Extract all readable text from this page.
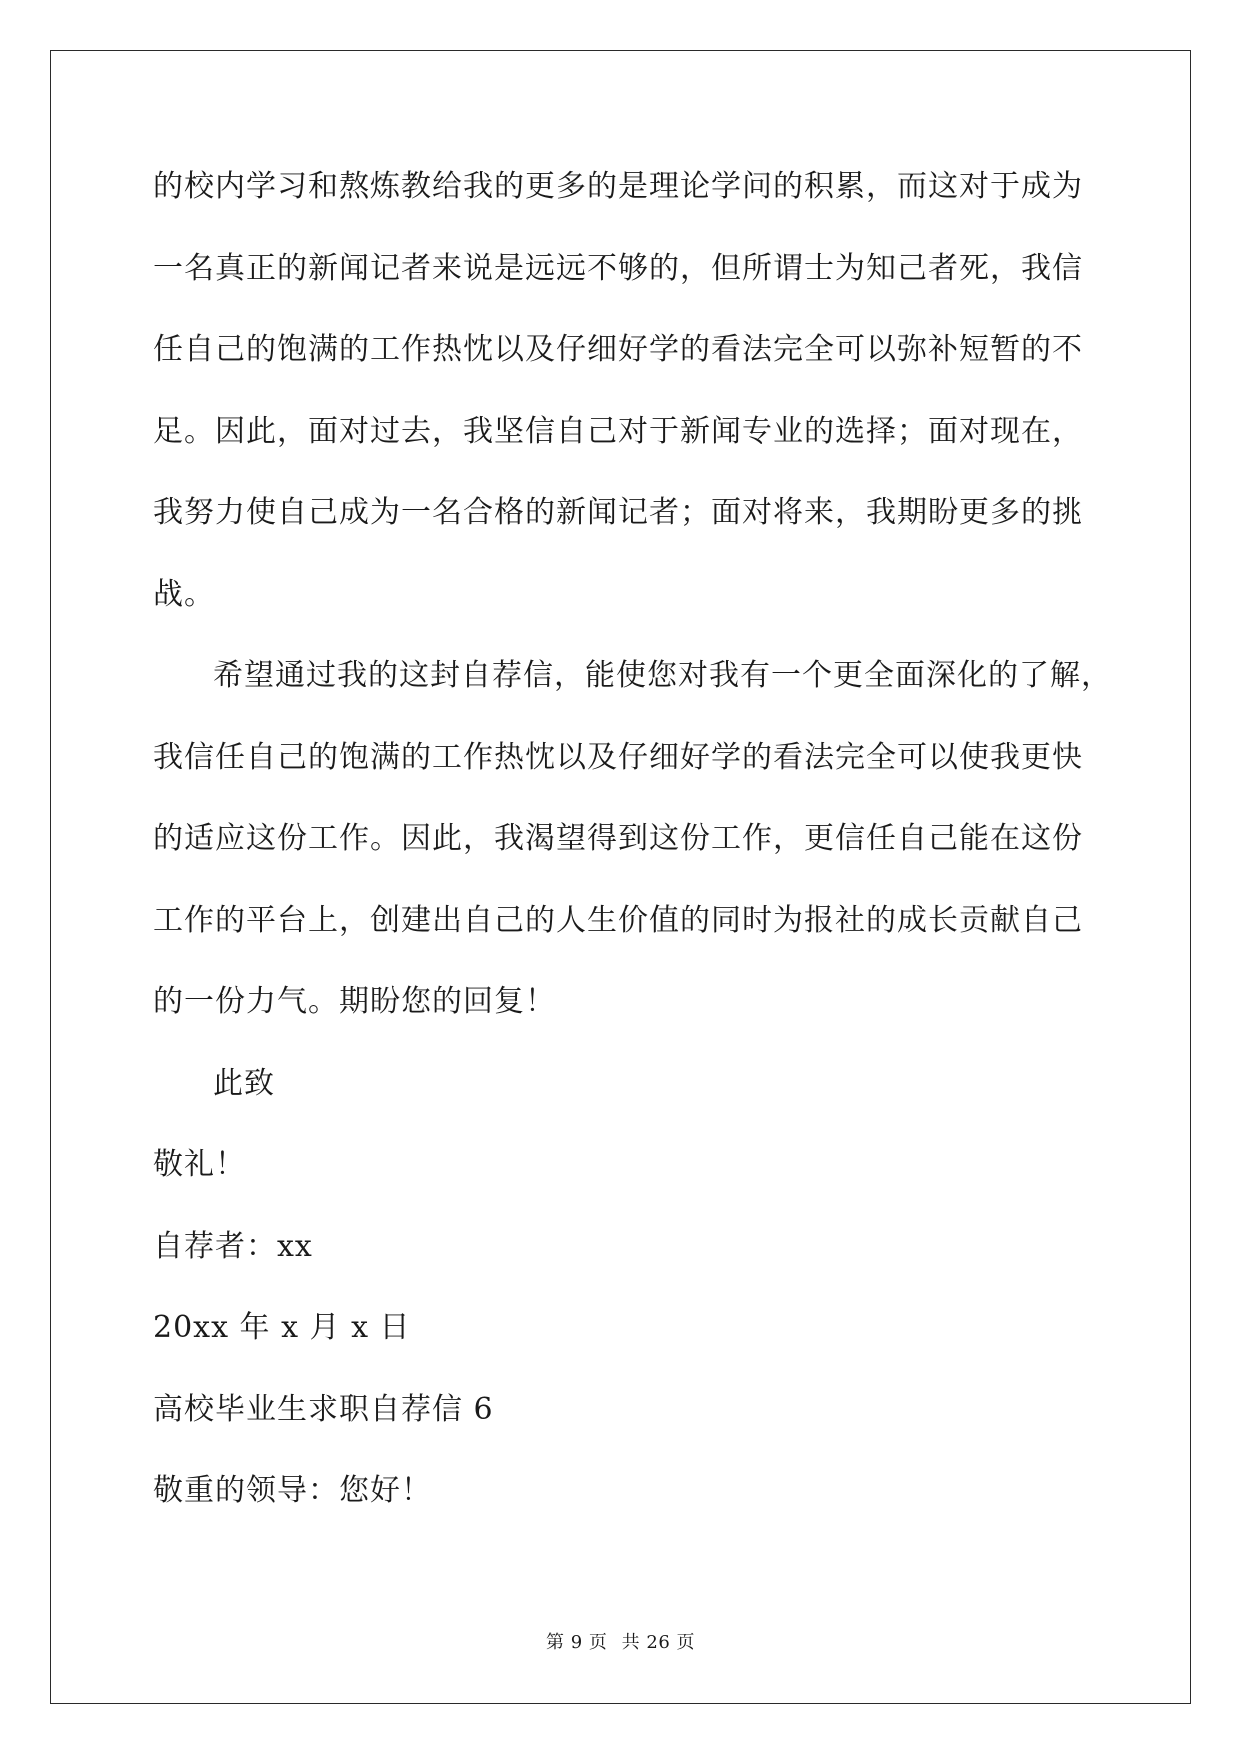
的校内学习和熬炼教给我的更多的是理论学问的积累，而这对于成为
一名真正的新闻记者来说是远远不够的，但所谓士为知己者死，我信
任自己的饱满的工作热忱以及仔细好学的看法完全可以弥补短暂的不
足。因此，面对过去，我坚信自己对于新闻专业的选择；面对现在，
我努力使自己成为一名合格的新闻记者；面对将来，我期盼更多的挑
战。
希望通过我的这封自荐信，能使您对我有一个更全面深化的了解，
我信任自己的饱满的工作热忱以及仔细好学的看法完全可以使我更快
的适应这份工作。因此，我渴望得到这份工作，更信任自己能在这份
工作的平台上，创建出自己的人生价值的同时为报社的成长贡献自己
的一份力气。期盼您的回复！
此致
敬礼！
自荐者：xx
20xx 年 x 月 x 日
高校毕业生求职自荐信 6
敬重的领导：您好！
第 9 页 共 26 页
